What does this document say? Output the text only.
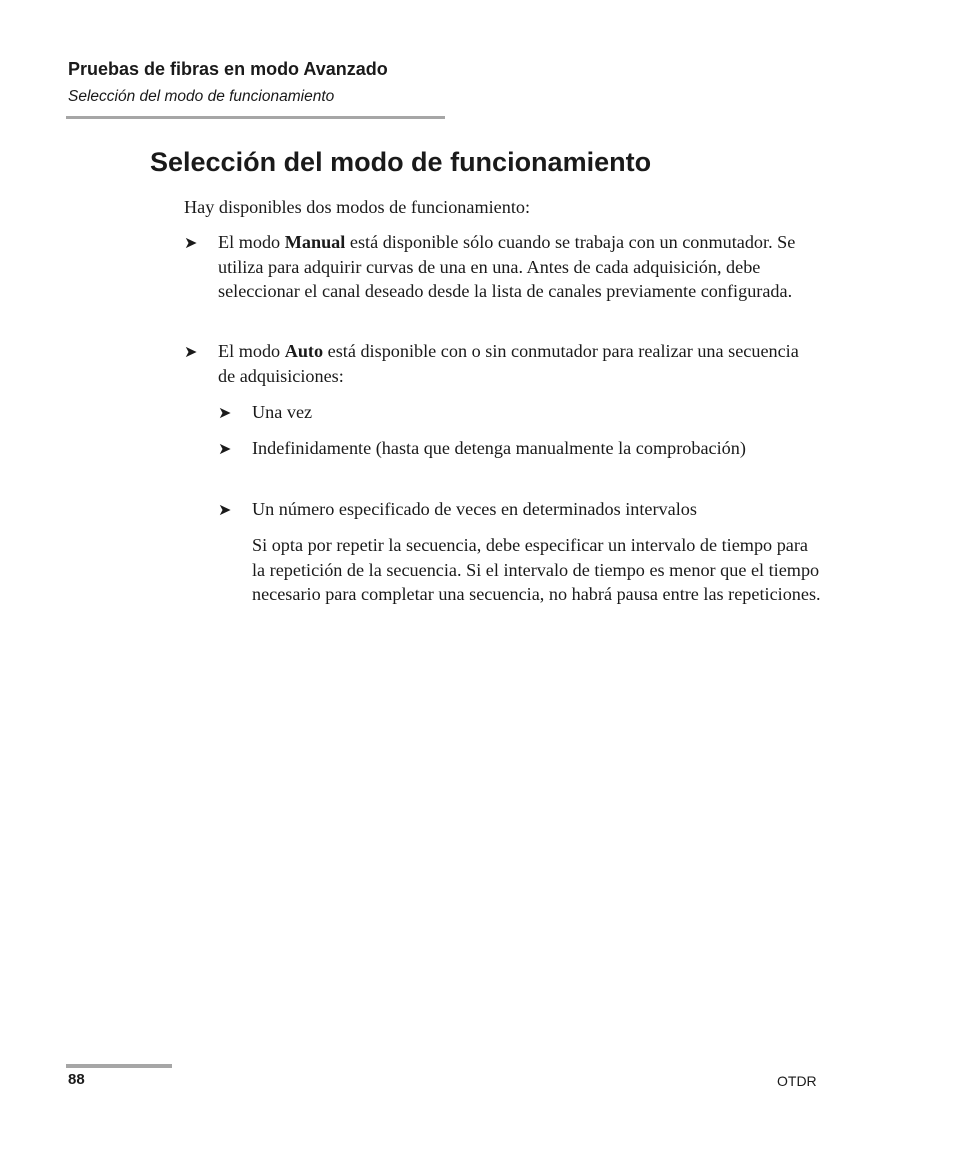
Pruebas de fibras en modo Avanzado
Selección del modo de funcionamiento
Selección del modo de funcionamiento

Hay disponibles dos modos de funcionamiento:

➤ El modo Manual está disponible sólo cuando se trabaja con un conmutador. Se utiliza para adquirir curvas de una en una. Antes de cada adquisición, debe seleccionar el canal deseado desde la lista de canales previamente configurada.

➤ El modo Auto está disponible con o sin conmutador para realizar una secuencia de adquisiciones:

➤ Una vez

➤ Indefinidamente (hasta que detenga manualmente la comprobación)

➤ Un número especificado de veces en determinados intervalos

Si opta por repetir la secuencia, debe especificar un intervalo de tiempo para la repetición de la secuencia. Si el intervalo de tiempo es menor que el tiempo necesario para completar una secuencia, no habrá pausa entre las repeticiones.

88	OTDR
